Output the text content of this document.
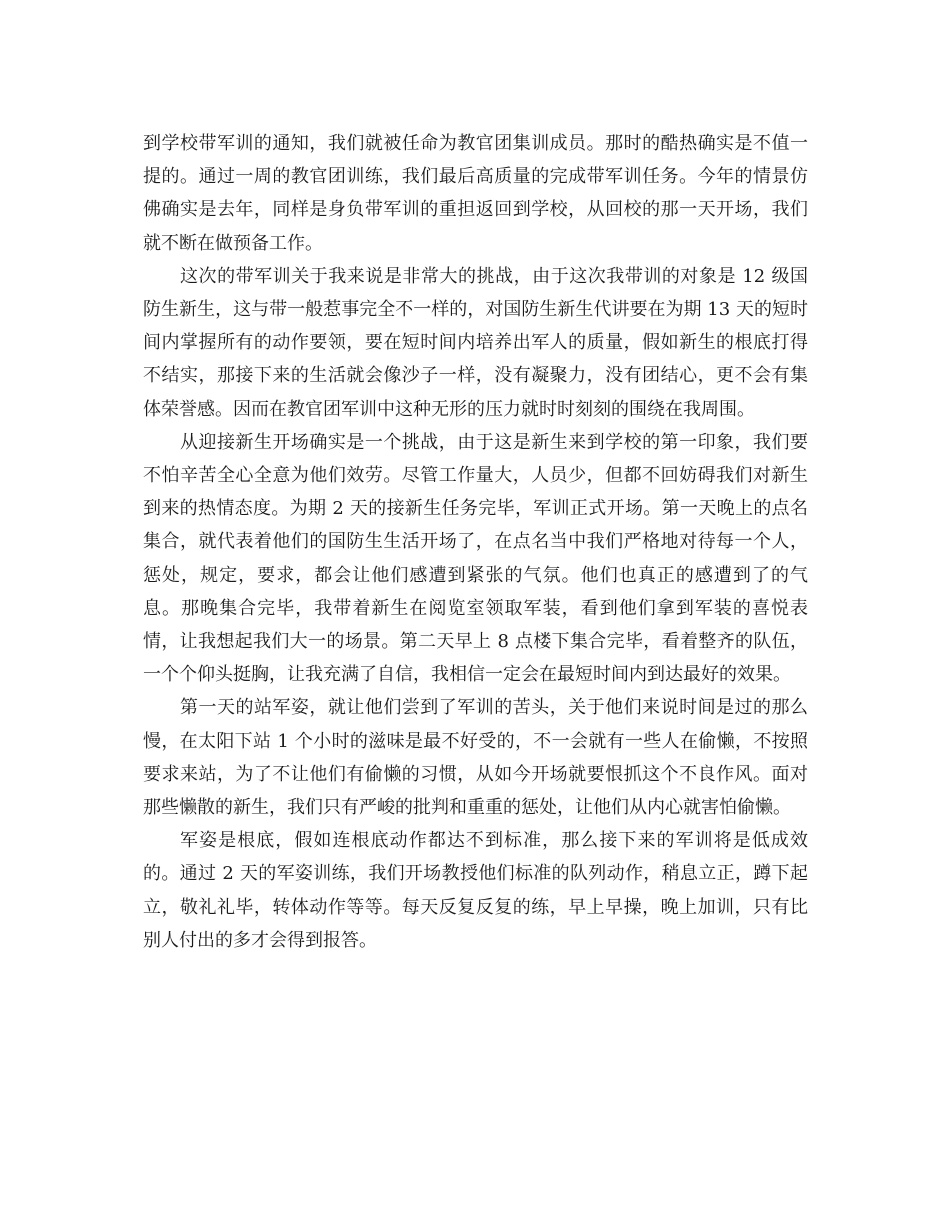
到学校带军训的通知，我们就被任命为教官团集训成员。那时的酷热确实是不值一提的。通过一周的教官团训练，我们最后高质量的完成带军训任务。今年的情景仿佛确实是去年，同样是身负带军训的重担返回到学校，从回校的那一天开场，我们就不断在做预备工作。

这次的带军训关于我来说是非常大的挑战，由于这次我带训的对象是 12 级国防生新生，这与带一般惹事完全不一样的，对国防生新生代讲要在为期 13 天的短时间内掌握所有的动作要领，要在短时间内培养出军人的质量，假如新生的根底打得不结实，那接下来的生活就会像沙子一样，没有凝聚力，没有团结心，更不会有集体荣誉感。因而在教官团军训中这种无形的压力就时时刻刻的围绕在我周围。

从迎接新生开场确实是一个挑战，由于这是新生来到学校的第一印象，我们要不怕辛苦全心全意为他们效劳。尽管工作量大，人员少，但都不回妨碍我们对新生到来的热情态度。为期 2 天的接新生任务完毕，军训正式开场。第一天晚上的点名集合，就代表着他们的国防生生活开场了，在点名当中我们严格地对待每一个人，惩处，规定，要求，都会让他们感遭到紧张的气氛。他们也真正的感遭到了的气息。那晚集合完毕，我带着新生在阅览室领取军装，看到他们拿到军装的喜悦表情，让我想起我们大一的场景。第二天早上 8 点楼下集合完毕，看着整齐的队伍，一个个仰头挺胸，让我充满了自信，我相信一定会在最短时间内到达最好的效果。

第一天的站军姿，就让他们尝到了军训的苦头，关于他们来说时间是过的那么慢，在太阳下站 1 个小时的滋味是最不好受的，不一会就有一些人在偷懒，不按照要求来站，为了不让他们有偷懒的习惯，从如今开场就要恨抓这个不良作风。面对那些懒散的新生，我们只有严峻的批判和重重的惩处，让他们从内心就害怕偷懒。

军姿是根底，假如连根底动作都达不到标准，那么接下来的军训将是低成效的。通过 2 天的军姿训练，我们开场教授他们标准的队列动作，稍息立正，蹲下起立，敬礼礼毕，转体动作等等。每天反复反复的练，早上早操，晚上加训，只有比别人付出的多才会得到报答。
